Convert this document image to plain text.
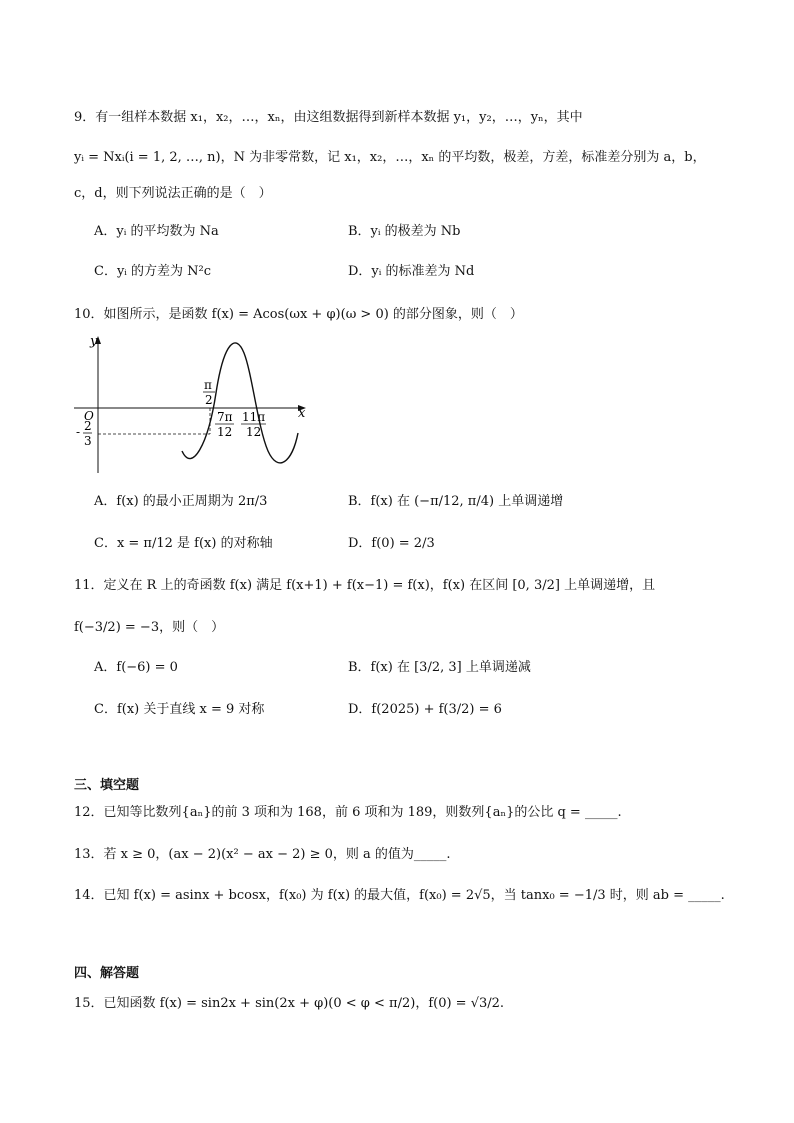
9．有一组样本数据 x₁，x₂，…，xₙ，由这组数据得到新样本数据 y₁，y₂，…，yₙ，其中
yᵢ = Nxᵢ(i = 1, 2, …, n)，N 为非零常数，记 x₁，x₂，…，xₙ 的平均数，极差，方差，标准差分别为 a，b，
c，d，则下列说法正确的是（　）
A．yᵢ 的平均数为 Na	B．yᵢ 的极差为 Nb
C．yᵢ 的方差为 N²c	D．yᵢ 的标准差为 Nd
10．如图所示，是函数 f(x) = Acos(ωx + φ)(ω > 0) 的部分图象，则（　）
y
x
O
π
2
- 2
3
7π
12
11π
12
A．f(x) 的最小正周期为 2π/3	B．f(x) 在 (−π/12, π/4) 上单调递增
C．x = π/12 是 f(x) 的对称轴	D．f(0) = 2/3
11．定义在 R 上的奇函数 f(x) 满足 f(x+1) + f(x−1) = f(x)，f(x) 在区间 [0, 3/2] 上单调递增，且
f(−3/2) = −3，则（　）
A．f(−6) = 0	B．f(x) 在 [3/2, 3] 上单调递减
C．f(x) 关于直线 x = 9 对称	D．f(2025) + f(3/2) = 6
三、填空题
12．已知等比数列{aₙ}的前 3 项和为 168，前 6 项和为 189，则数列{aₙ}的公比 q = _____.
13．若 x ≥ 0，(ax − 2)(x² − ax − 2) ≥ 0，则 a 的值为_____.
14．已知 f(x) = asinx + bcosx，f(x₀) 为 f(x) 的最大值，f(x₀) = 2√5，当 tanx₀ = −1/3 时，则 ab = _____.
四、解答题
15．已知函数 f(x) = sin2x + sin(2x + φ)(0 < φ < π/2)，f(0) = √3/2.
